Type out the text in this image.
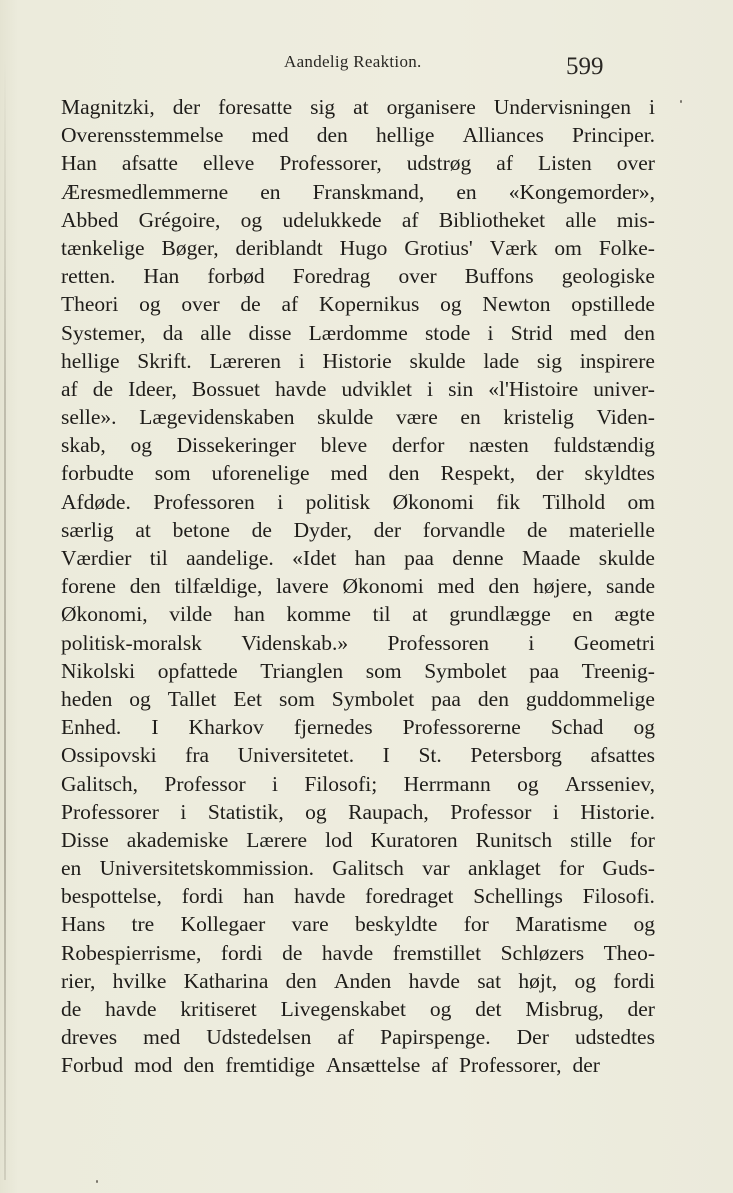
Aandelig Reaktion.	599
Magnitzki, der foresatte sig at organisere Undervisningen i
Overensstemmelse med den hellige Alliances Principer.
Han afsatte elleve Professorer, udstrøg af Listen over
Æresmedlemmerne en Franskmand, en «Kongemorder»,
Abbed Grégoire, og udelukkede af Bibliotheket alle mis-
tænkelige Bøger, deriblandt Hugo Grotius' Værk om Folke-
retten. Han forbød Foredrag over Buffons geologiske
Theori og over de af Kopernikus og Newton opstillede
Systemer, da alle disse Lærdomme stode i Strid med den
hellige Skrift. Læreren i Historie skulde lade sig inspirere
af de Ideer, Bossuet havde udviklet i sin «l'Histoire univer-
selle». Lægevidenskaben skulde være en kristelig Viden-
skab, og Dissekeringer bleve derfor næsten fuldstændig
forbudte som uforenelige med den Respekt, der skyldtes
Afdøde. Professoren i politisk Økonomi fik Tilhold om
særlig at betone de Dyder, der forvandle de materielle
Værdier til aandelige. «Idet han paa denne Maade skulde
forene den tilfældige, lavere Økonomi med den højere, sande
Økonomi, vilde han komme til at grundlægge en ægte
politisk-moralsk Videnskab.» Professoren i Geometri
Nikolski opfattede Trianglen som Symbolet paa Treenig-
heden og Tallet Eet som Symbolet paa den guddommelige
Enhed. I Kharkov fjernedes Professorerne Schad og
Ossipovski fra Universitetet. I St. Petersborg afsattes
Galitsch, Professor i Filosofi; Herrmann og Arsseniev,
Professorer i Statistik, og Raupach, Professor i Historie.
Disse akademiske Lærere lod Kuratoren Runitsch stille for
en Universitetskommission. Galitsch var anklaget for Guds-
bespottelse, fordi han havde foredraget Schellings Filosofi.
Hans tre Kollegaer vare beskyldte for Maratisme og
Robespierrisme, fordi de havde fremstillet Schløzers Theo-
rier, hvilke Katharina den Anden havde sat højt, og fordi
de havde kritiseret Livegenskabet og det Misbrug, der
dreves med Udstedelsen af Papirspenge. Der udstedtes
Forbud mod den fremtidige Ansættelse af Professorer, der
